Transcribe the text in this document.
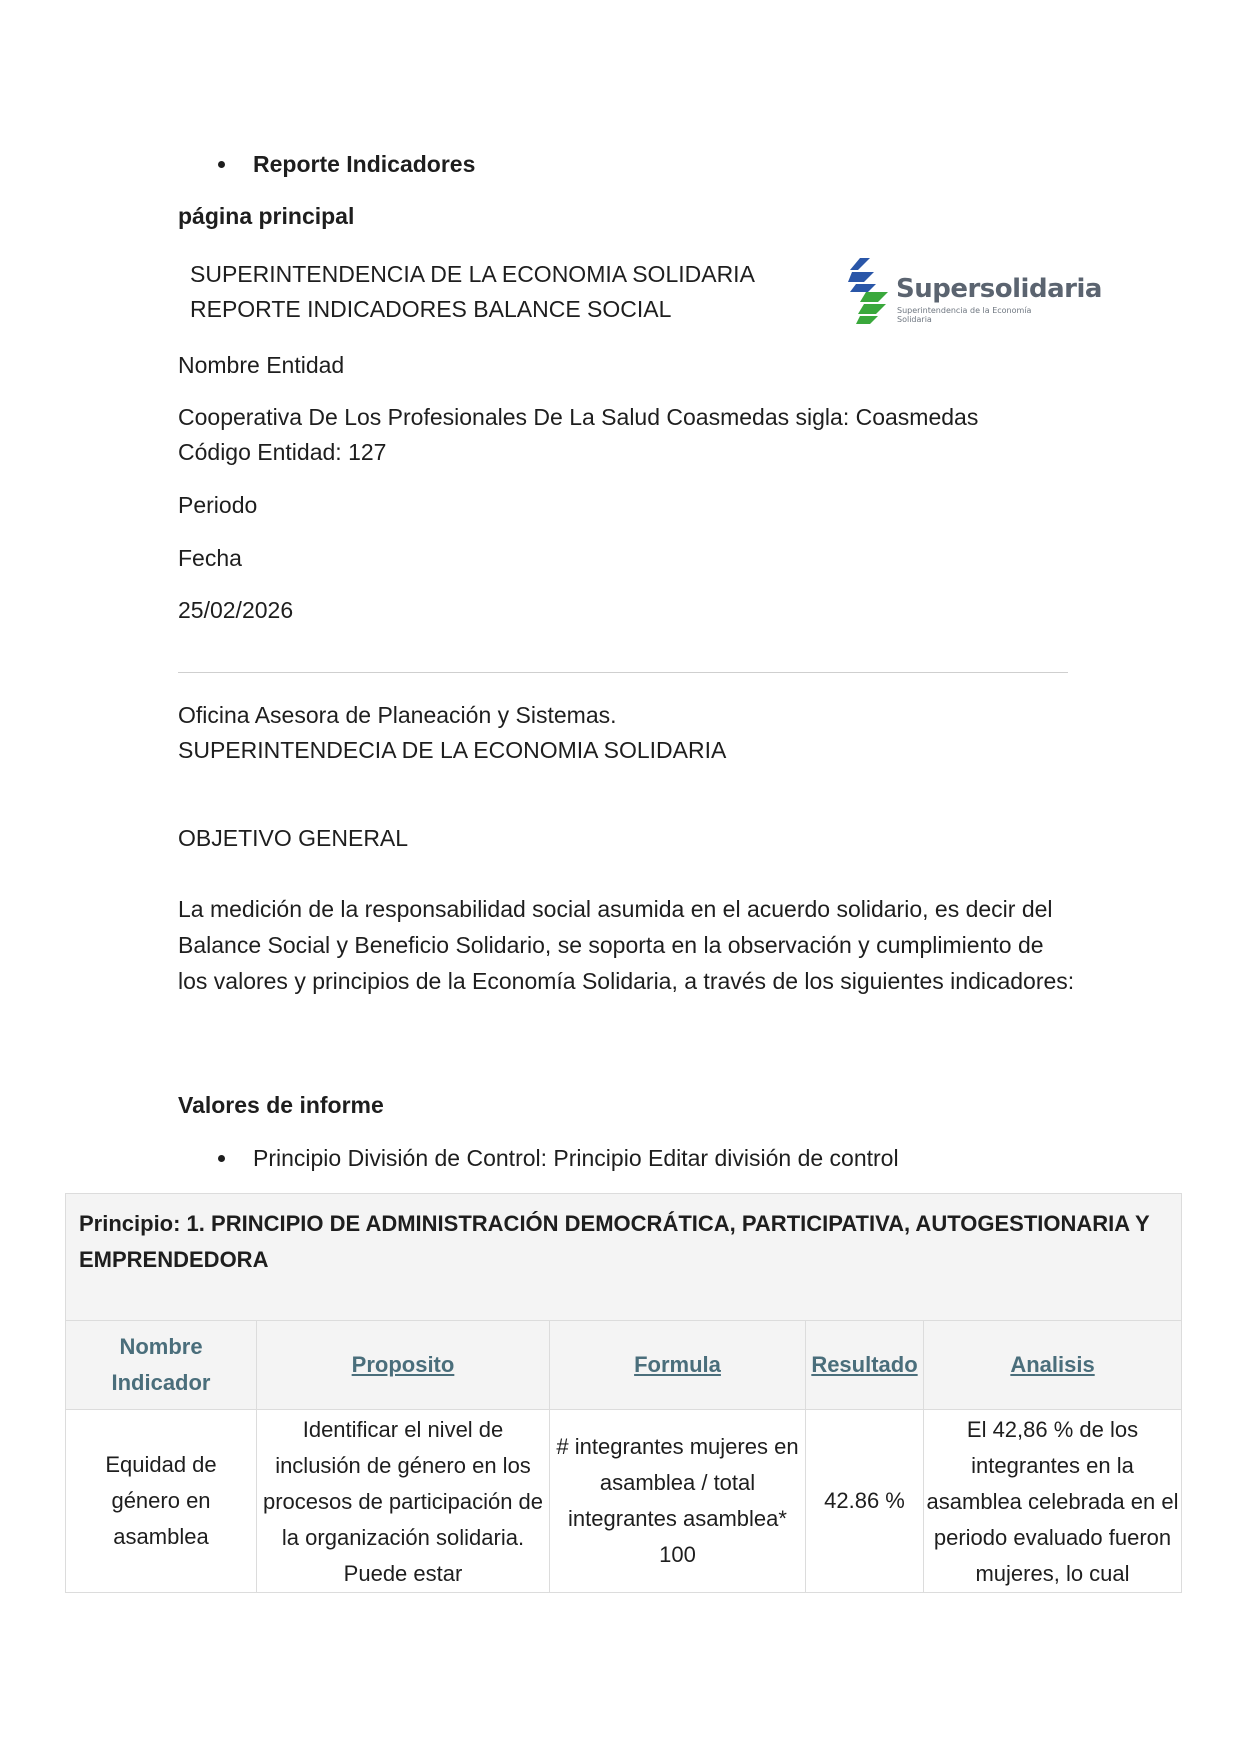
Reporte Indicadores
página principal
SUPERINTENDENCIA DE LA ECONOMIA SOLIDARIA
REPORTE INDICADORES BALANCE SOCIAL
Supersolidaria
Superintendencia de la Economía Solidaria
Nombre Entidad
Cooperativa De Los Profesionales De La Salud Coasmedas sigla: Coasmedas
Código Entidad: 127
Periodo
Fecha
25/02/2026
Oficina Asesora de Planeación y Sistemas.
SUPERINTENDECIA DE LA ECONOMIA SOLIDARIA
OBJETIVO GENERAL
La medición de la responsabilidad social asumida en el acuerdo solidario, es decir del Balance Social y Beneficio Solidario, se soporta en la observación y cumplimiento de los valores y principios de la Economía Solidaria, a través de los siguientes indicadores:
Valores de informe
Principio División de Control: Principio Editar división de control
Principio: 1. PRINCIPIO DE ADMINISTRACIÓN DEMOCRÁTICA, PARTICIPATIVA, AUTOGESTIONARIA Y EMPRENDEDORA				
Nombre Indicador	Proposito	Formula	Resultado	Analisis

Equidad de género en asamblea	Identificar el nivel de inclusión de género en los procesos de participación de la organización solidaria. Puede estar	# integrantes mujeres en asamblea / total integrantes asamblea* 100	42.86 %	El 42,86 % de los integrantes en la asamblea celebrada en el periodo evaluado fueron mujeres, lo cual
